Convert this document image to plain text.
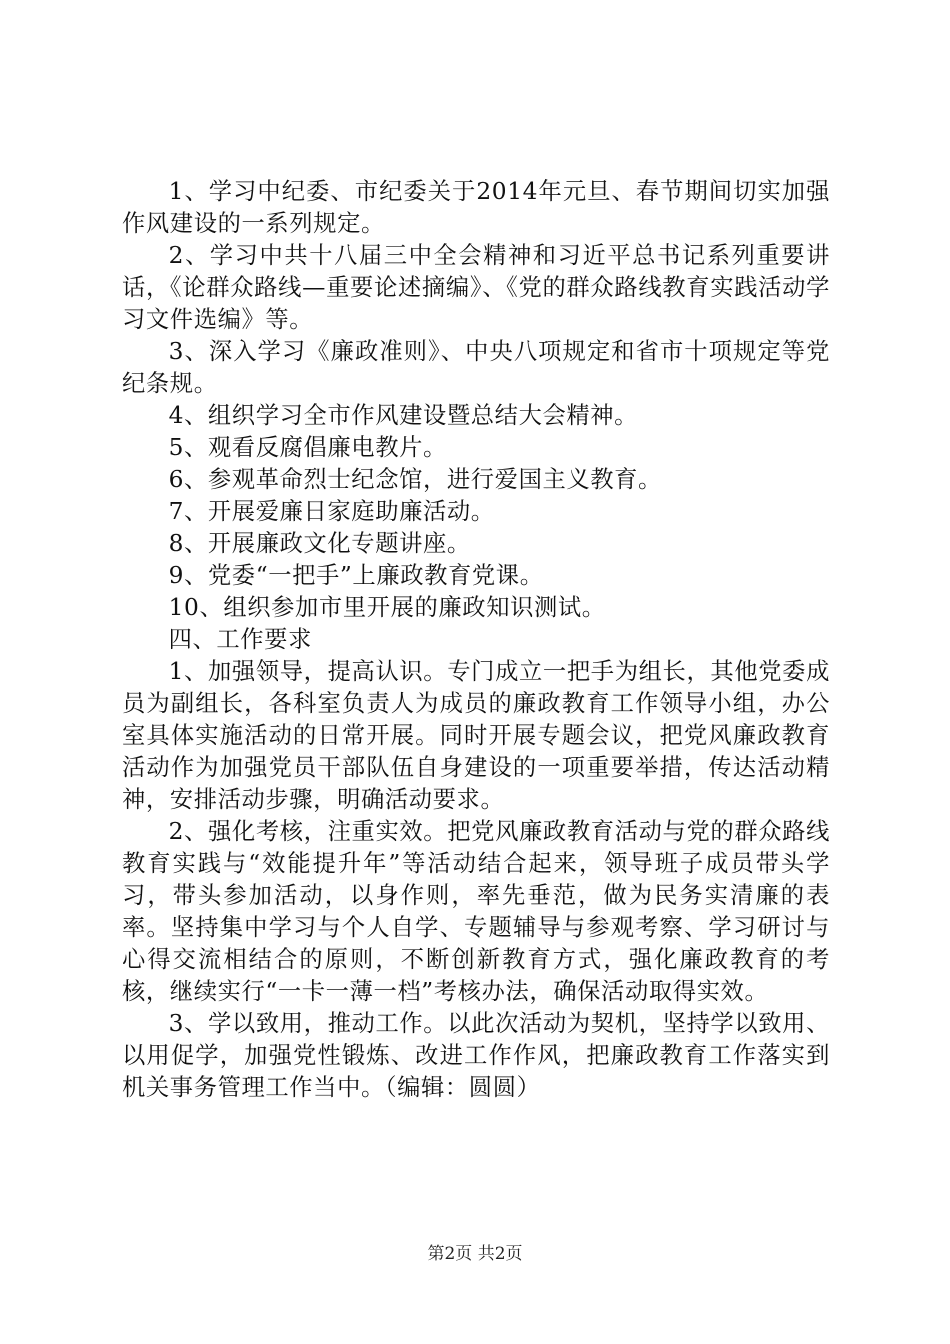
1、学习中纪委、市纪委关于2014年元旦、春节期间切实加强作风建设的一系列规定。

2、学习中共十八届三中全会精神和习近平总书记系列重要讲话，《论群众路线—重要论述摘编》、《党的群众路线教育实践活动学习文件选编》等。

3、深入学习《廉政准则》、中央八项规定和省市十项规定等党纪条规。

4、组织学习全市作风建设暨总结大会精神。

5、观看反腐倡廉电教片。

6、参观革命烈士纪念馆，进行爱国主义教育。

7、开展爱廉日家庭助廉活动。

8、开展廉政文化专题讲座。

9、党委“一把手”上廉政教育党课。

10、组织参加市里开展的廉政知识测试。

四、工作要求

1、加强领导，提高认识。专门成立一把手为组长，其他党委成员为副组长，各科室负责人为成员的廉政教育工作领导小组，办公室具体实施活动的日常开展。同时开展专题会议，把党风廉政教育活动作为加强党员干部队伍自身建设的一项重要举措，传达活动精神，安排活动步骤，明确活动要求。

2、强化考核，注重实效。把党风廉政教育活动与党的群众路线教育实践与“效能提升年”等活动结合起来，领导班子成员带头学习，带头参加活动，以身作则，率先垂范，做为民务实清廉的表率。坚持集中学习与个人自学、专题辅导与参观考察、学习研讨与心得交流相结合的原则，不断创新教育方式，强化廉政教育的考核，继续实行“一卡一薄一档”考核办法，确保活动取得实效。

3、学以致用，推动工作。以此次活动为契机，坚持学以致用、以用促学，加强党性锻炼、改进工作作风，把廉政教育工作落实到机关事务管理工作当中。（编辑：圆圆）

第2页 共2页
